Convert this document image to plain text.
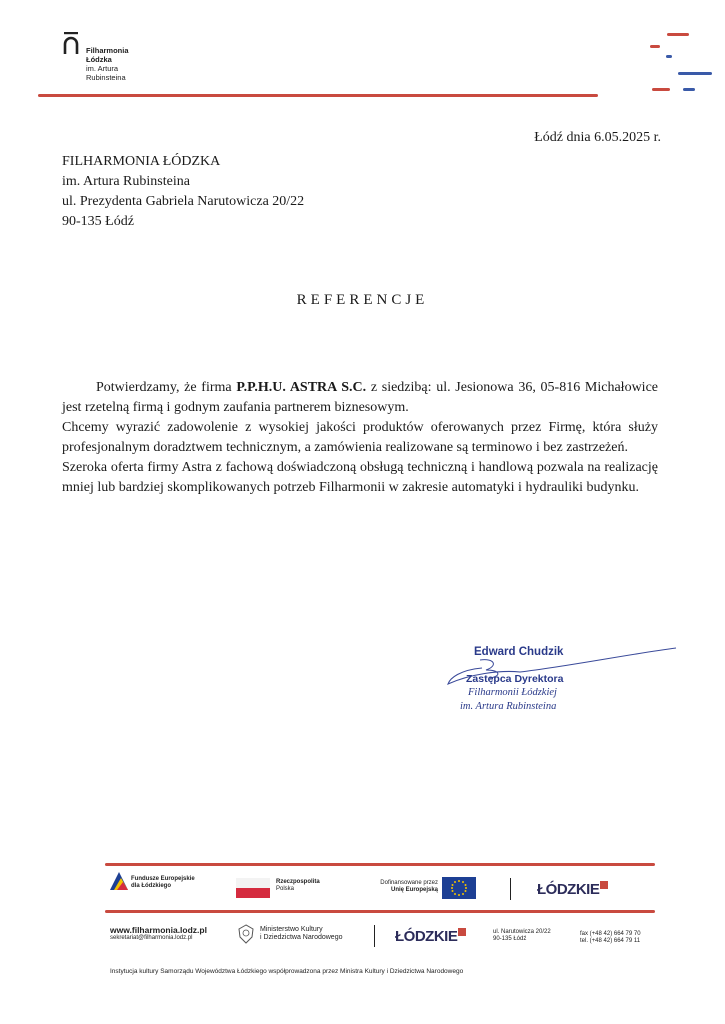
Filharmonia
Łódzka
im. Artura
Rubinsteina
Łódź dnia 6.05.2025 r.
FILHARMONIA ŁÓDZKA
im. Artura Rubinsteina
ul. Prezydenta Gabriela Narutowicza 20/22
90-135 Łódź
REFERENCJE

Potwierdzamy, że firma P.P.H.U. ASTRA S.C. z siedzibą: ul. Jesionowa 36, 05-816 Michałowice jest rzetelną firmą i godnym zaufania partnerem biznesowym.

Chcemy wyrazić zadowolenie z wysokiej jakości produktów oferowanych przez Firmę, która służy profesjonalnym doradztwem technicznym, a zamówienia realizowane są terminowo i bez zastrzeżeń.

Szeroka oferta firmy Astra z fachową doświadczoną obsługą techniczną i handlową pozwala na realizację mniej lub bardziej skomplikowanych potrzeb Filharmonii w zakresie automatyki i hydrauliki budynku.

Edward Chudzik
Zastępca Dyrektora
Filharmonii Łódzkiej
im. Artura Rubinsteina
Fundusze Europejskie
dla Łódzkiego
Rzeczpospolita
Polska
Dofinansowane przez
Unię Europejską	ŁÓDZKIE
www.filharmonia.lodz.pl
sekretariat@filharmonia.lodz.pl
Ministerstwo Kultury
i Dziedzictwa Narodowego	ŁÓDZKIE	ul. Narutowicza 20/22
90-135 Łódź
fax (+48 42) 664 79 70
tel. (+48 42) 664 79 11
Instytucja kultury Samorządu Województwa Łódzkiego współprowadzona przez Ministra Kultury i Dziedzictwa Narodowego
